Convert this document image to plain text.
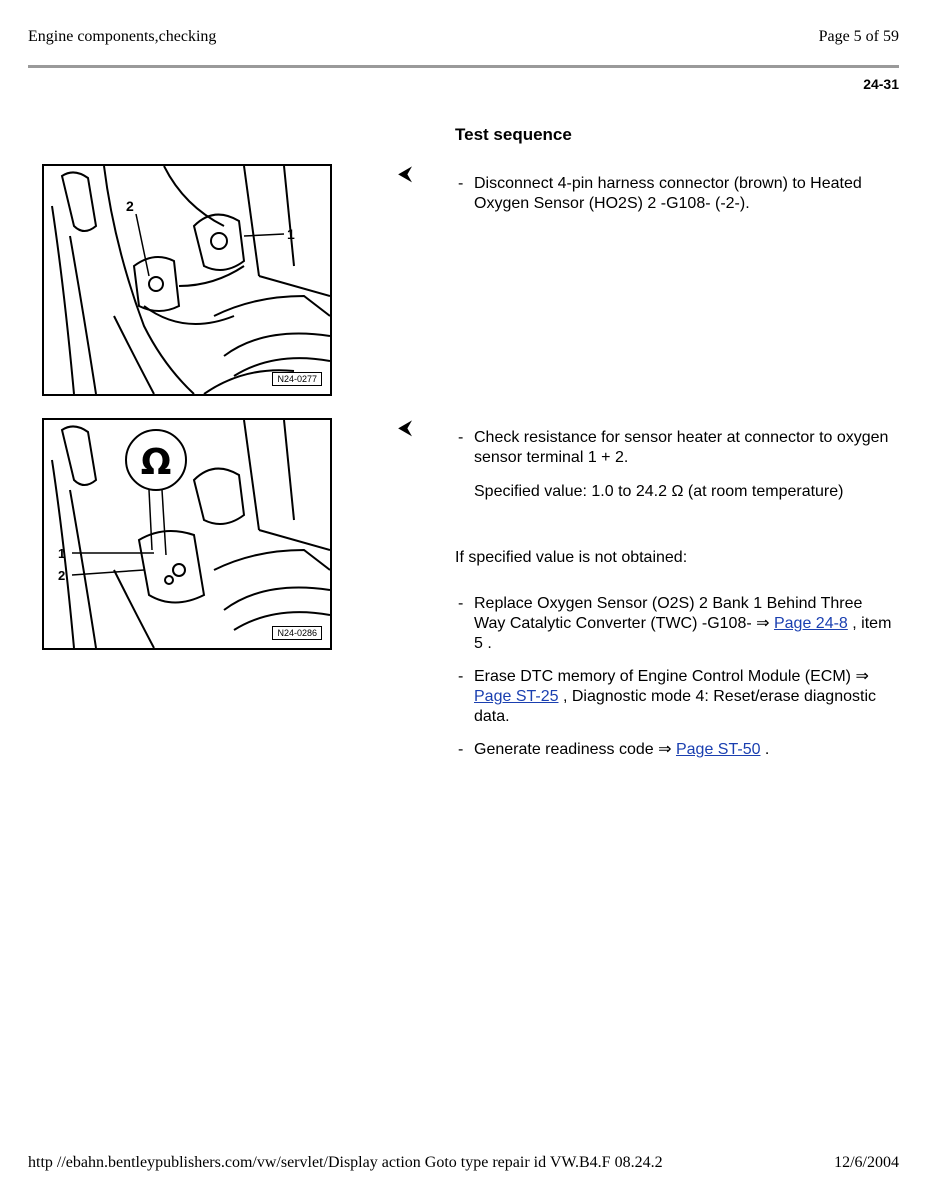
Engine components,checking	Page 5 of 59
24-31
Test sequence
1
2
N24-0277
Ω
1
2
N24-0286
⮜
⮜
- Disconnect 4-pin harness connector (brown) to Heated Oxygen Sensor (HO2S) 2 -G108- (-2-).
- Check resistance for sensor heater at connector to oxygen sensor terminal 1 + 2.
Specified value: 1.0 to 24.2 Ω (at room temperature)
If specified value is not obtained:
- Replace Oxygen Sensor (O2S) 2 Bank 1 Behind Three Way Catalytic Converter (TWC) -G108- ⇒ Page 24-8 , item 5 .
- Erase DTC memory of Engine Control Module (ECM) ⇒ Page ST-25 , Diagnostic mode 4: Reset/erase diagnostic data.
- Generate readiness code ⇒ Page ST-50 .
http //ebahn.bentleypublishers.com/vw/servlet/Display action Goto type repair id VW.B4.F 08.24.2	12/6/2004
